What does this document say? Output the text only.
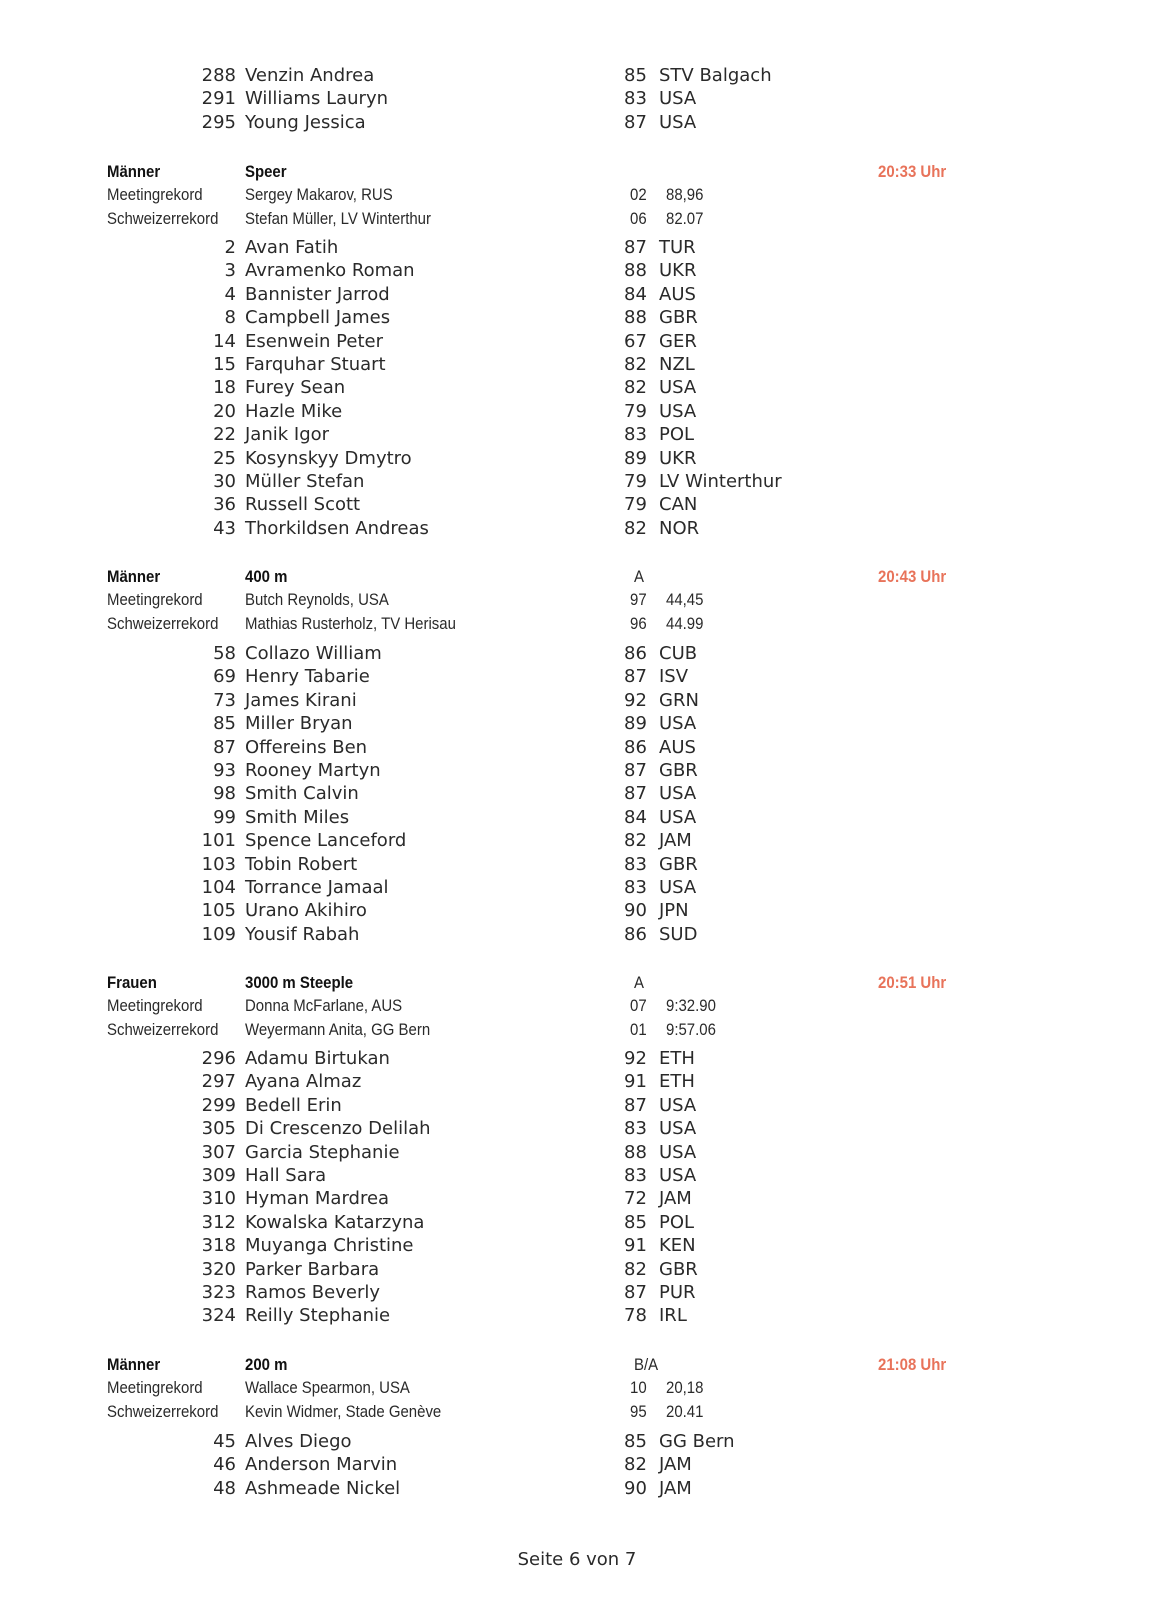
288 Venzin Andrea	85 STV Balgach
291 Williams Lauryn	83 USA
295 Young Jessica	87 USA
Männer	Speer	20:33 Uhr
Meetingrekord Sergey Makarov, RUS	02 88,96
Schweizerrekord Stefan Müller, LV Winterthur	06 82.07
2 Avan Fatih	87 TUR
3 Avramenko Roman	88 UKR
4 Bannister Jarrod	84 AUS
8 Campbell James	88 GBR
14 Esenwein Peter	67 GER
15 Farquhar Stuart	82 NZL
18 Furey Sean	82 USA
20 Hazle Mike	79 USA
22 Janik Igor	83 POL
25 Kosynskyy Dmytro	89 UKR
30 Müller Stefan	79 LV Winterthur
36 Russell Scott	79 CAN
43 Thorkildsen Andreas	82 NOR
Männer	400 m	A	20:43 Uhr
Meetingrekord Butch Reynolds, USA	97 44,45
Schweizerrekord Mathias Rusterholz, TV Herisau	96 44.99
58 Collazo William	86 CUB
69 Henry Tabarie	87 ISV
73 James Kirani	92 GRN
85 Miller Bryan	89 USA
87 Offereins Ben	86 AUS
93 Rooney Martyn	87 GBR
98 Smith Calvin	87 USA
99 Smith Miles	84 USA
101 Spence Lanceford	82 JAM
103 Tobin Robert	83 GBR
104 Torrance Jamaal	83 USA
105 Urano Akihiro	90 JPN
109 Yousif Rabah	86 SUD
Frauen	3000 m Steeple	A	20:51 Uhr
Meetingrekord Donna McFarlane, AUS	07 9:32.90
Schweizerrekord Weyermann Anita, GG Bern	01 9:57.06
296 Adamu Birtukan	92 ETH
297 Ayana Almaz	91 ETH
299 Bedell Erin	87 USA
305 Di Crescenzo Delilah	83 USA
307 Garcia Stephanie	88 USA
309 Hall Sara	83 USA
310 Hyman Mardrea	72 JAM
312 Kowalska Katarzyna	85 POL
318 Muyanga Christine	91 KEN
320 Parker Barbara	82 GBR
323 Ramos Beverly	87 PUR
324 Reilly Stephanie	78 IRL
Männer	200 m	B/A	21:08 Uhr
Meetingrekord Wallace Spearmon, USA	10 20,18
Schweizerrekord Kevin Widmer, Stade Genève	95 20.41
45 Alves Diego	85 GG Bern
46 Anderson Marvin	82 JAM
48 Ashmeade Nickel	90 JAM
Seite 6 von 7
